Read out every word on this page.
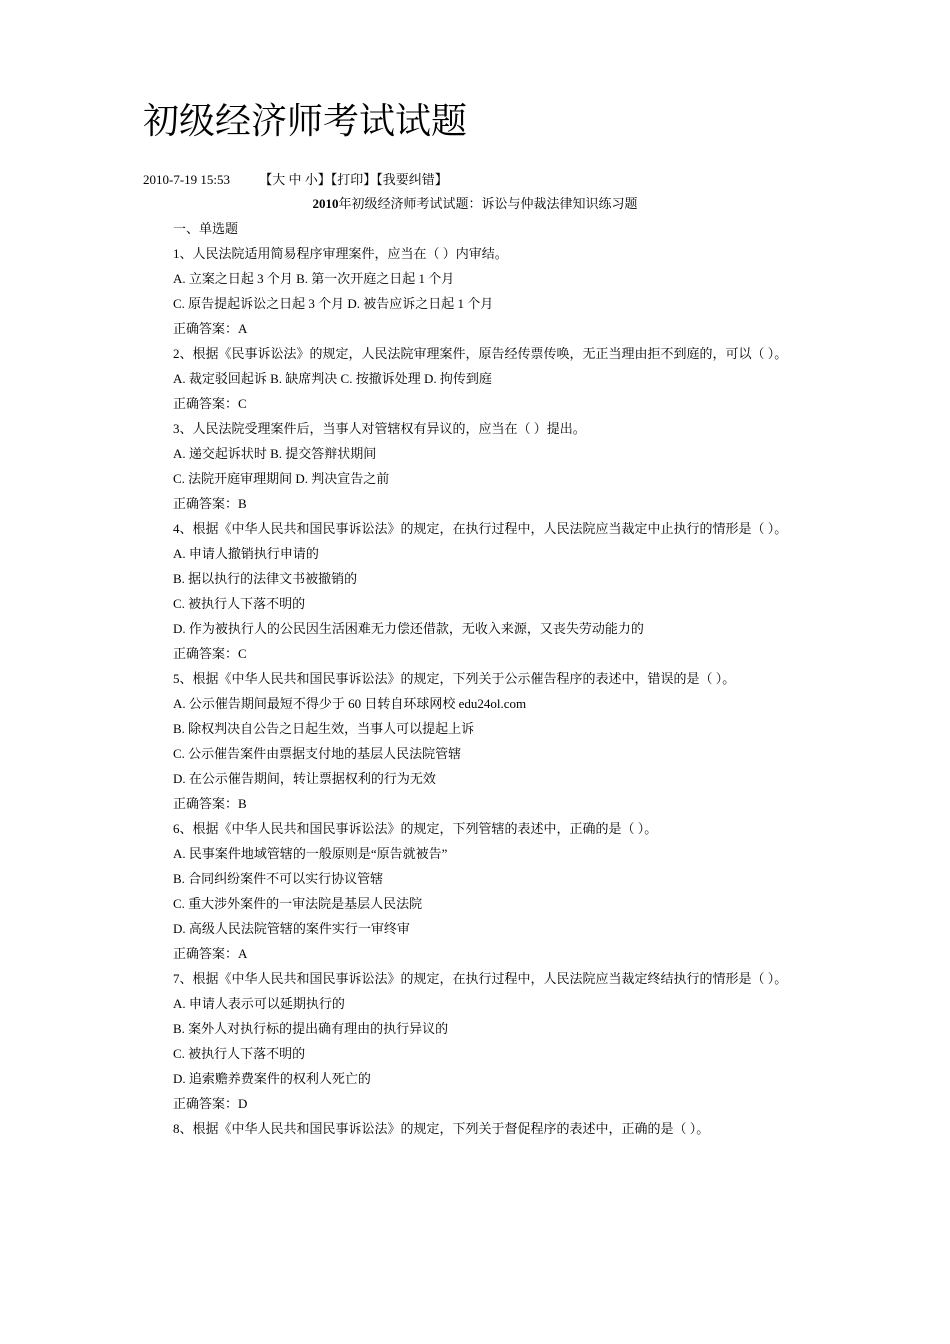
初级经济师考试试题
2010-7-19 15:53 【大 中 小】【打印】【我要纠错】
2010年初级经济师考试试题：诉讼与仲裁法律知识练习题
一、单选题
1、人民法院适用简易程序审理案件，应当在（ ）内审结。
A. 立案之日起 3 个月 B. 第一次开庭之日起 1 个月
C. 原告提起诉讼之日起 3 个月 D. 被告应诉之日起 1 个月
正确答案：A
2、根据《民事诉讼法》的规定，人民法院审理案件，原告经传票传唤，无正当理由拒不到庭的，可以（ ）。
A. 裁定驳回起诉 B. 缺席判决 C. 按撤诉处理 D. 拘传到庭
正确答案：C
3、人民法院受理案件后，当事人对管辖权有异议的，应当在（ ）提出。
A. 递交起诉状时 B. 提交答辩状期间
C. 法院开庭审理期间 D. 判决宣告之前
正确答案：B
4、根据《中华人民共和国民事诉讼法》的规定，在执行过程中，人民法院应当裁定中止执行的情形是（ ）。
A. 申请人撤销执行申请的
B. 据以执行的法律文书被撤销的
C. 被执行人下落不明的
D. 作为被执行人的公民因生活困难无力偿还借款，无收入来源，又丧失劳动能力的
正确答案：C
5、根据《中华人民共和国民事诉讼法》的规定，下列关于公示催告程序的表述中，错误的是（ ）。
A. 公示催告期间最短不得少于 60 日转自环球网校 edu24ol.com
B. 除权判决自公告之日起生效，当事人可以提起上诉
C. 公示催告案件由票据支付地的基层人民法院管辖
D. 在公示催告期间，转让票据权利的行为无效
正确答案：B
6、根据《中华人民共和国民事诉讼法》的规定，下列管辖的表述中，正确的是（ ）。
A. 民事案件地域管辖的一般原则是“原告就被告”
B. 合同纠纷案件不可以实行协议管辖
C. 重大涉外案件的一审法院是基层人民法院
D. 高级人民法院管辖的案件实行一审终审
正确答案：A
7、根据《中华人民共和国民事诉讼法》的规定，在执行过程中，人民法院应当裁定终结执行的情形是（ ）。
A. 申请人表示可以延期执行的
B. 案外人对执行标的提出确有理由的执行异议的
C. 被执行人下落不明的
D. 追索赡养费案件的权利人死亡的
正确答案：D
8、根据《中华人民共和国民事诉讼法》的规定，下列关于督促程序的表述中，正确的是（ ）。
